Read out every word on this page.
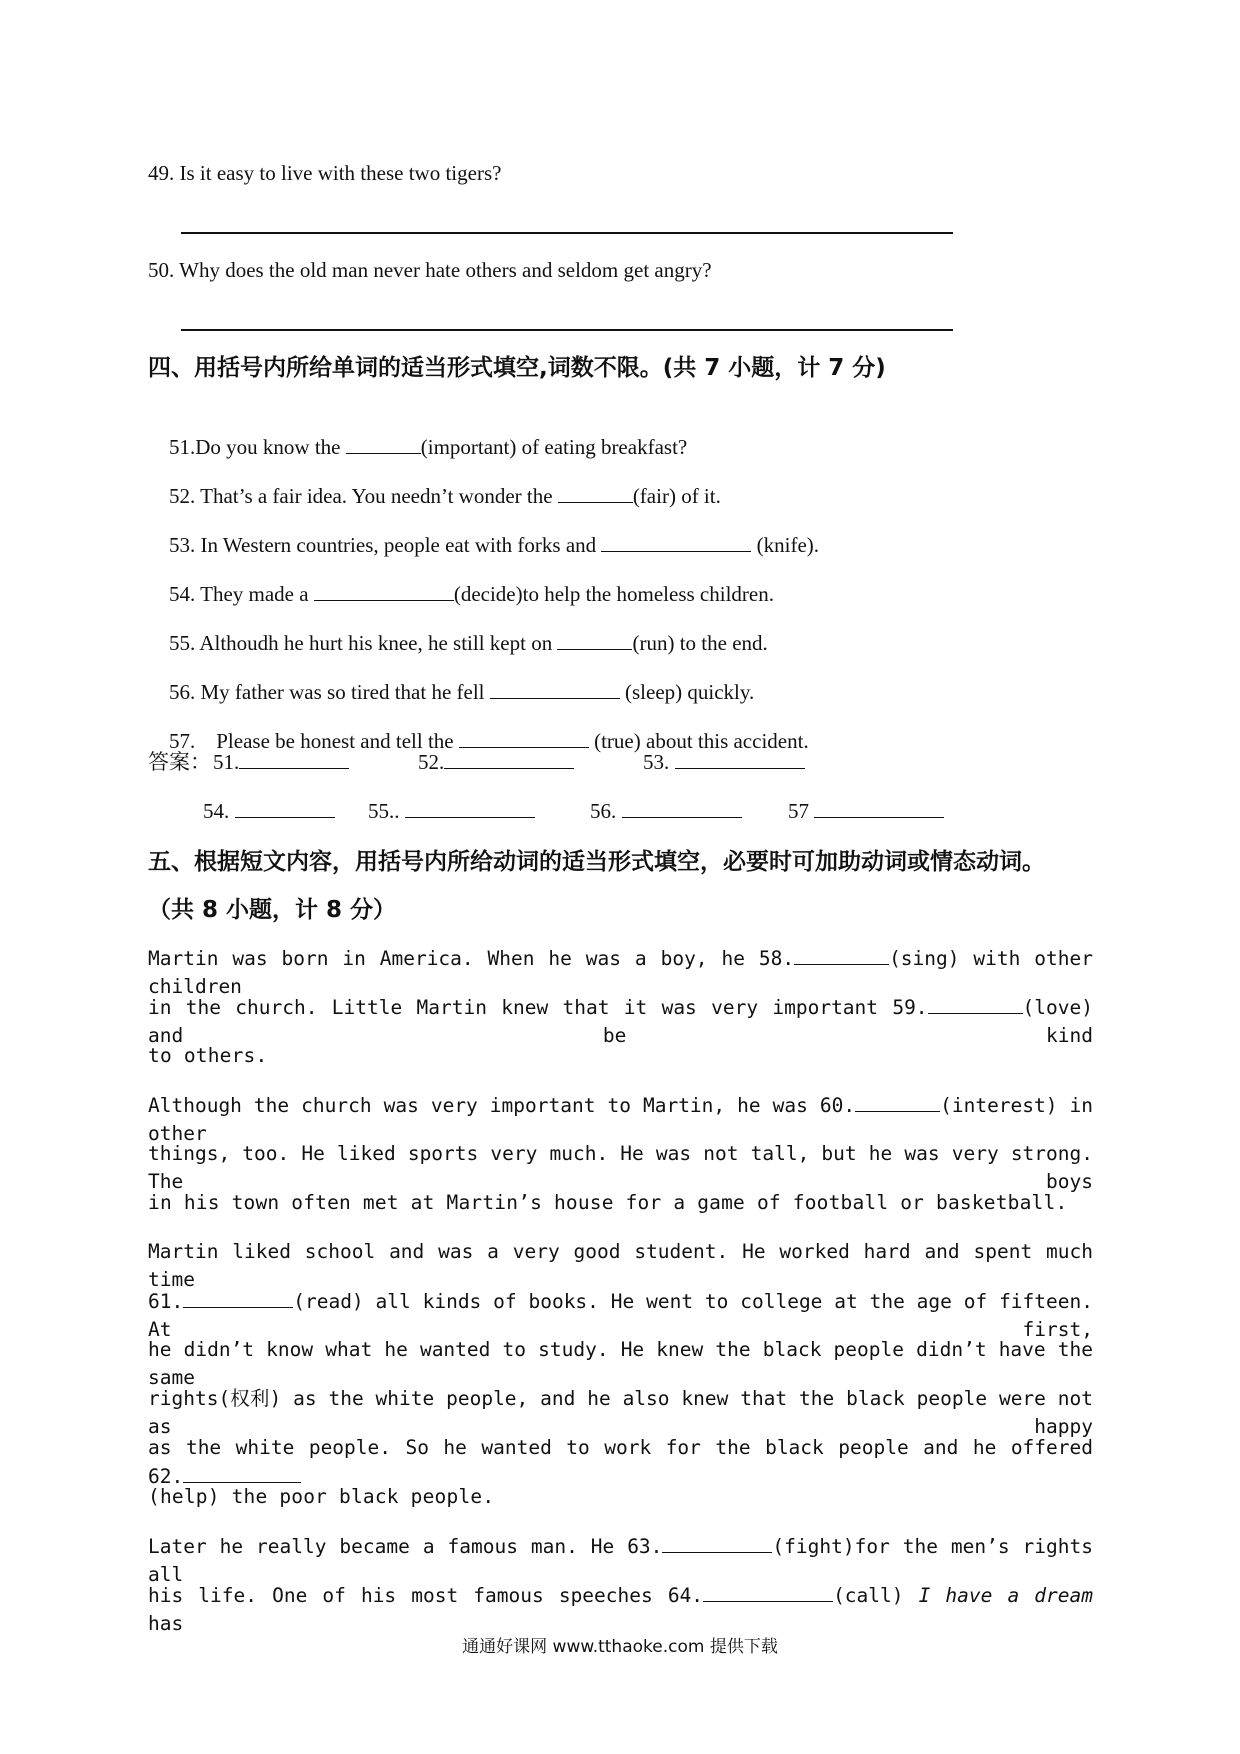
49. Is it easy to live with these two tigers?
50. Why does the old man never hate others and seldom get angry?
四、用括号内所给单词的适当形式填空,词数不限。(共 7 小题，计 7 分)

51.Do you know the	(important) of eating breakfast?

52. That’s a fair idea. You needn’t wonder the	(fair) of it.

53. In Western countries, people eat with forks and	(knife).

54. They made a	(decide)to help the homeless children.

55. Althoudh he hurt his knee, he still kept on	(run) to the end.

56. My father was so tired that he fell	(sleep) quickly.

57.    Please be honest and tell the	(true) about this accident.

答案： 51.	52.	53.
54.	55..	56.	57
五、根据短文内容，用括号内所给动词的适当形式填空，必要时可加助动词或情态动词。
（共 8 小题，计 8 分）
Martin was born in America. When he was a boy, he 58.	(sing) with other children
in the church. Little Martin knew that it was very important 59.	(love) and be kind
to others.
Although the church was very important to Martin, he was 60.	(interest) in other
things, too. He liked sports very much. He was not tall, but he was very strong. The boys
in his town often met at Martin’s house for a game of football or basketball.
Martin liked school and was a very good student. He worked hard and spent much time
61.	(read) all kinds of books. He went to college at the age of fifteen. At first,
he didn’t know what he wanted to study. He knew the black people didn’t have the same
rights(权利) as the white people, and he also knew that the black people were not as happy
as the white people. So he wanted to work for the black people and he offered 62.
(help) the poor black people.
Later he really became a famous man. He 63.	(fight)for the men’s rights all
his life. One of his most famous speeches 64.	(call) I have a dream has
通通好课网 www.tthaoke.com 提供下载
